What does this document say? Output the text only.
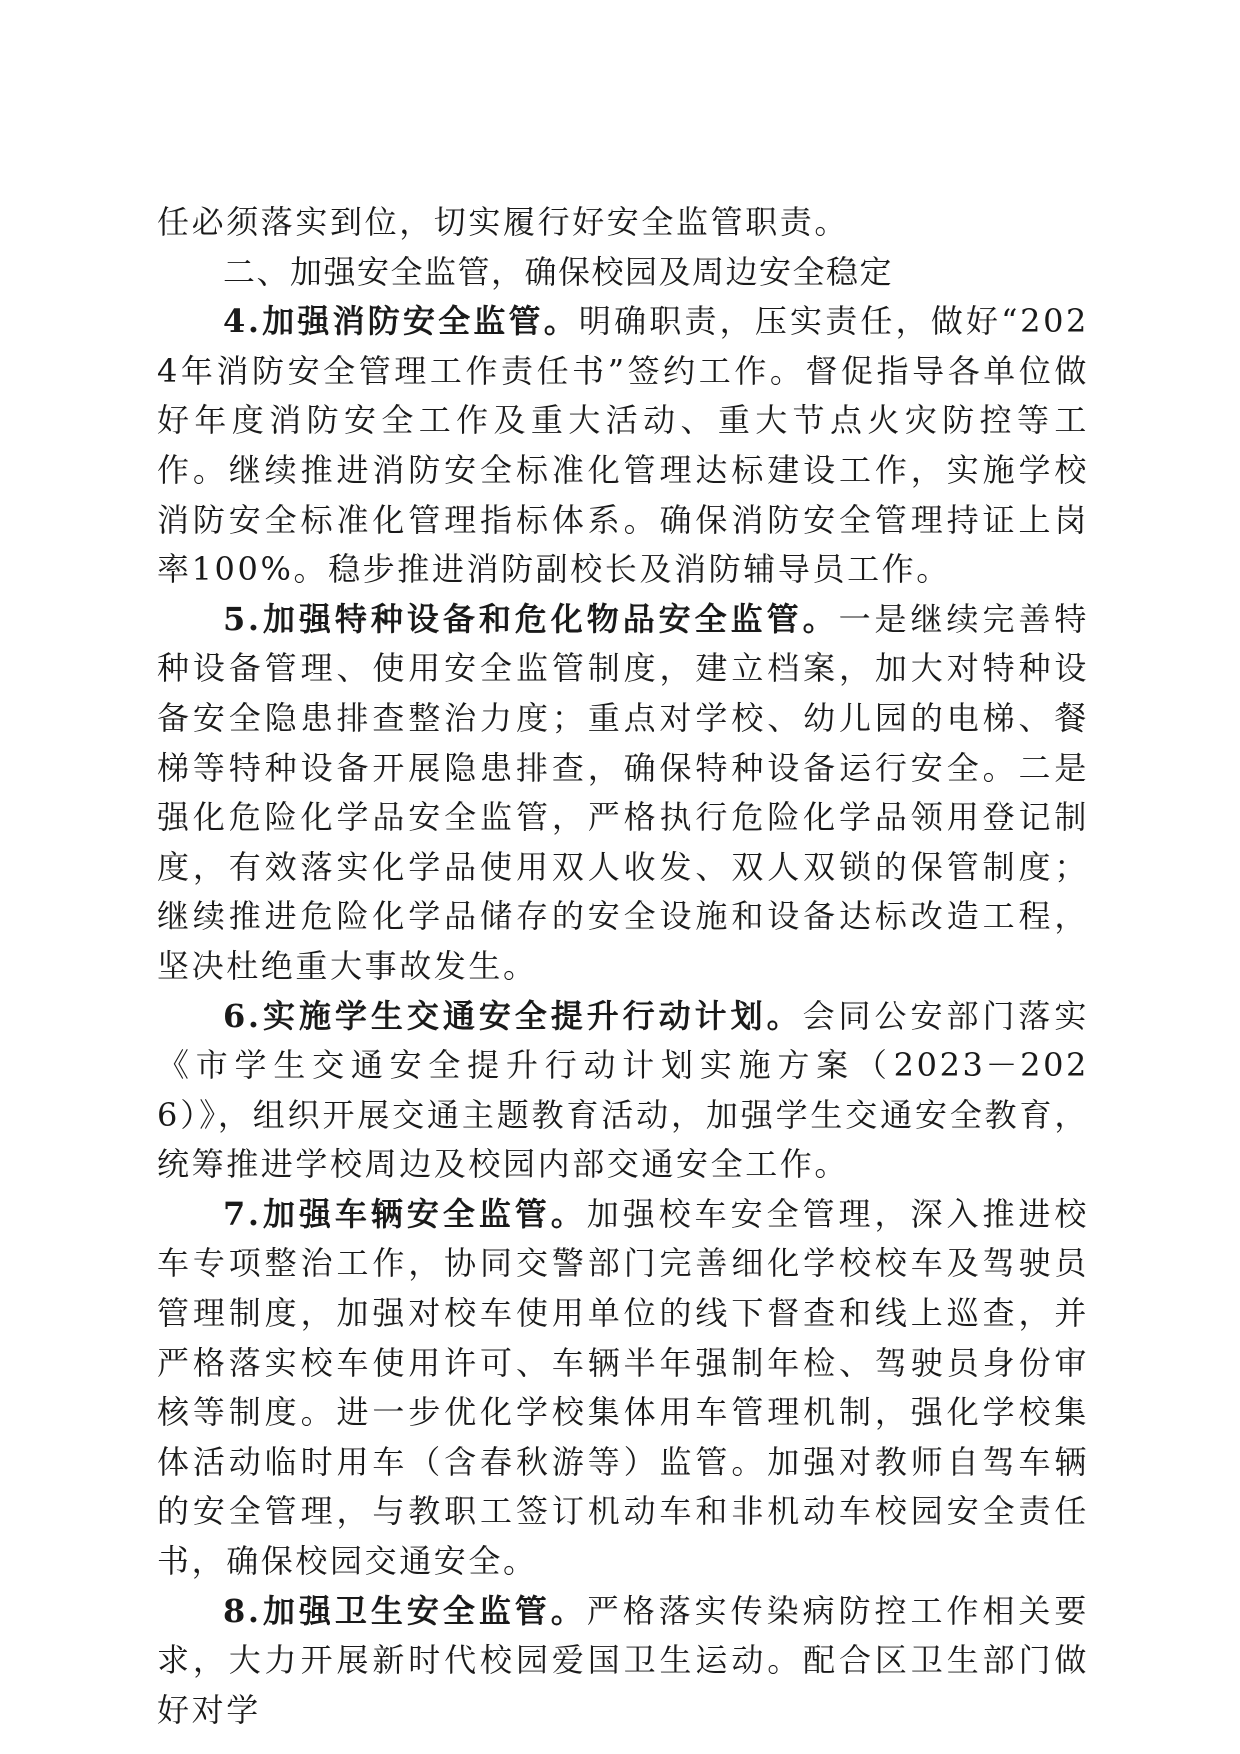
任必须落实到位，切实履行好安全监管职责。

二、加强安全监管，确保校园及周边安全稳定

4.加强消防安全监管。明确职责，压实责任，做好“2024年消防安全管理工作责任书”签约工作。督促指导各单位做好年度消防安全工作及重大活动、重大节点火灾防控等工作。继续推进消防安全标准化管理达标建设工作，实施学校消防安全标准化管理指标体系。确保消防安全管理持证上岗率100%。稳步推进消防副校长及消防辅导员工作。

5.加强特种设备和危化物品安全监管。一是继续完善特种设备管理、使用安全监管制度，建立档案，加大对特种设备安全隐患排查整治力度；重点对学校、幼儿园的电梯、餐梯等特种设备开展隐患排查，确保特种设备运行安全。二是强化危险化学品安全监管，严格执行危险化学品领用登记制度，有效落实化学品使用双人收发、双人双锁的保管制度；继续推进危险化学品储存的安全设施和设备达标改造工程，坚决杜绝重大事故发生。

6.实施学生交通安全提升行动计划。会同公安部门落实《市学生交通安全提升行动计划实施方案（2023－2026）》，组织开展交通主题教育活动，加强学生交通安全教育，统筹推进学校周边及校园内部交通安全工作。

7.加强车辆安全监管。加强校车安全管理，深入推进校车专项整治工作，协同交警部门完善细化学校校车及驾驶员管理制度，加强对校车使用单位的线下督查和线上巡查，并严格落实校车使用许可、车辆半年强制年检、驾驶员身份审核等制度。进一步优化学校集体用车管理机制，强化学校集体活动临时用车（含春秋游等）监管。加强对教师自驾车辆的安全管理，与教职工签订机动车和非机动车校园安全责任书，确保校园交通安全。

8.加强卫生安全监管。严格落实传染病防控工作相关要求，大力开展新时代校园爱国卫生运动。配合区卫生部门做好对学
